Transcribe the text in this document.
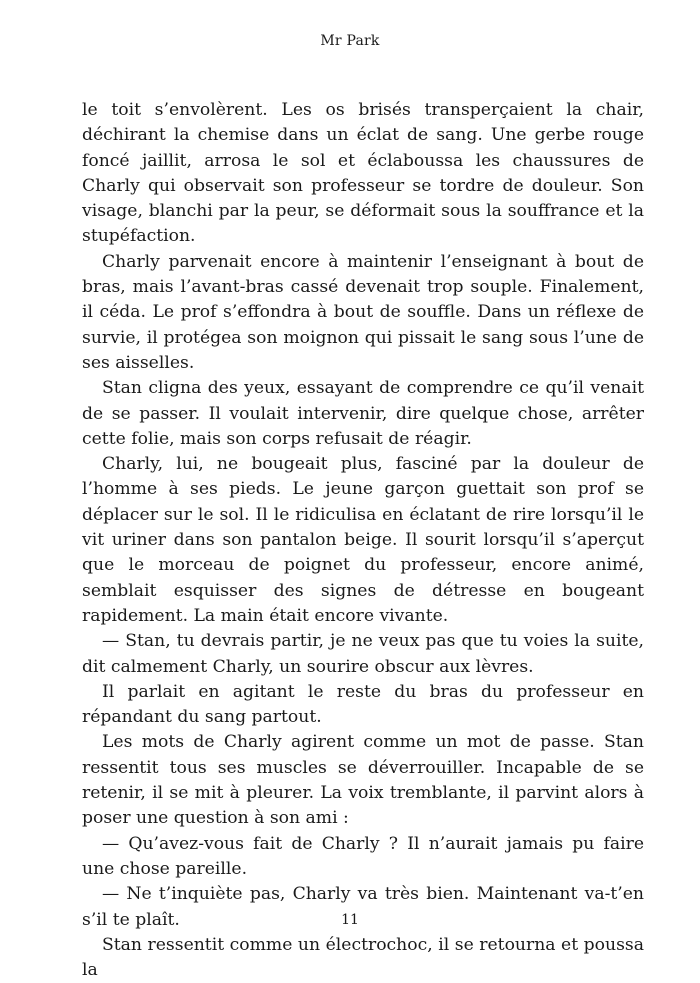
Mr Park

le toit s’envolèrent. Les os brisés transperçaient la chair, déchirant la chemise dans un éclat de sang. Une gerbe rouge foncé jaillit, arrosa le sol et éclaboussa les chaussures de Charly qui observait son professeur se tordre de douleur. Son visage, blanchi par la peur, se déformait sous la souffrance et la stupéfaction.

Charly parvenait encore à maintenir l’enseignant à bout de bras, mais l’avant-bras cassé devenait trop souple. Finalement, il céda. Le prof s’effondra à bout de souffle. Dans un réflexe de survie, il protégea son moignon qui pissait le sang sous l’une de ses aisselles.

Stan cligna des yeux, essayant de comprendre ce qu’il venait de se passer. Il voulait intervenir, dire quelque chose, arrêter cette folie, mais son corps refusait de réagir.

Charly, lui, ne bougeait plus, fasciné par la douleur de l’homme à ses pieds. Le jeune garçon guettait son prof se déplacer sur le sol. Il le ridiculisa en éclatant de rire lorsqu’il le vit uriner dans son pantalon beige. Il sourit lorsqu’il s’aperçut que le morceau de poignet du professeur, encore animé, semblait esquisser des signes de détresse en bougeant rapidement. La main était encore vivante.

— Stan, tu devrais partir, je ne veux pas que tu voies la suite, dit calmement Charly, un sourire obscur aux lèvres.

Il parlait en agitant le reste du bras du professeur en répandant du sang partout.

Les mots de Charly agirent comme un mot de passe. Stan ressentit tous ses muscles se déverrouiller. Incapable de se retenir, il se mit à pleurer. La voix tremblante, il parvint alors à poser une question à son ami :

— Qu’avez-vous fait de Charly ? Il n’aurait jamais pu faire une chose pareille.

— Ne t’inquiète pas, Charly va très bien. Maintenant va-t’en s’il te plaît.

Stan ressentit comme un électrochoc, il se retourna et poussa la

11
